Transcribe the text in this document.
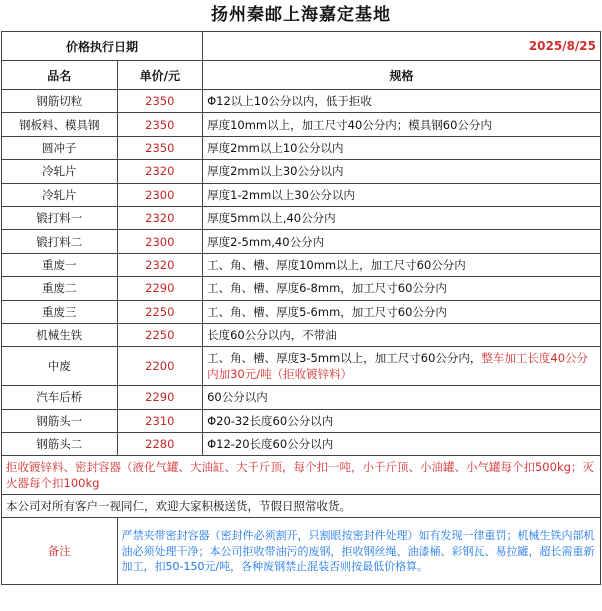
扬州秦邮上海嘉定基地
价格执行日期		2025/8/25
品名	单价/元	规格
钢筋切粒	2350	Φ12以上10公分以内，低于拒收
钢板料、模具钢	2350	厚度10mm以上，加工尺寸40公分内；模具钢60公分内
圆冲子	2350	厚度2mm以上10公分以内
冷轧片	2320	厚度2mm以上30公分以内
冷轧片	2300	厚度1-2mm以上30公分以内
锻打料一	2320	厚度5mm以上,40公分内
锻打料二	2300	厚度2-5mm,40公分内
重废一	2320	工、角、槽、厚度10mm以上，加工尺寸60公分内
重废二	2290	工、角、槽、厚度6-8mm，加工尺寸60公分内
重废三	2250	工、角、槽、厚度5-6mm，加工尺寸60公分内
机械生铁	2250	长度60公分以内，不带油
中废	2200	工、角、槽、厚度3-5mm以上，加工尺寸60公分内，整车加工长度40公分内加30元/吨（拒收镀锌料）
汽车后桥	2290	60公分以内
钢筋头一	2310	Φ20-32长度60公分以内
钢筋头二	2280	Φ12-20长度60公分以内
拒收镀锌料、密封容器（液化气罐、大油缸、大千斤顶，每个扣一吨，小千斤顶、小油罐、小气罐每个扣500kg；灭火器每个扣100kg		
本公司对所有客户一视同仁，欢迎大家积极送货，节假日照常收货。		
备注	严禁夹带密封容器（密封件必须割开，只割眼按密封件处理）如有发现一律重罚；机械生铁内部机油必须处理干净；本公司拒收带油污的废钢，拒收钢丝绳、油漆桶、彩钢瓦、易拉罐，超长需重新加工，扣50-150元/吨，各种废钢禁止混装否则按最低价格算。	
